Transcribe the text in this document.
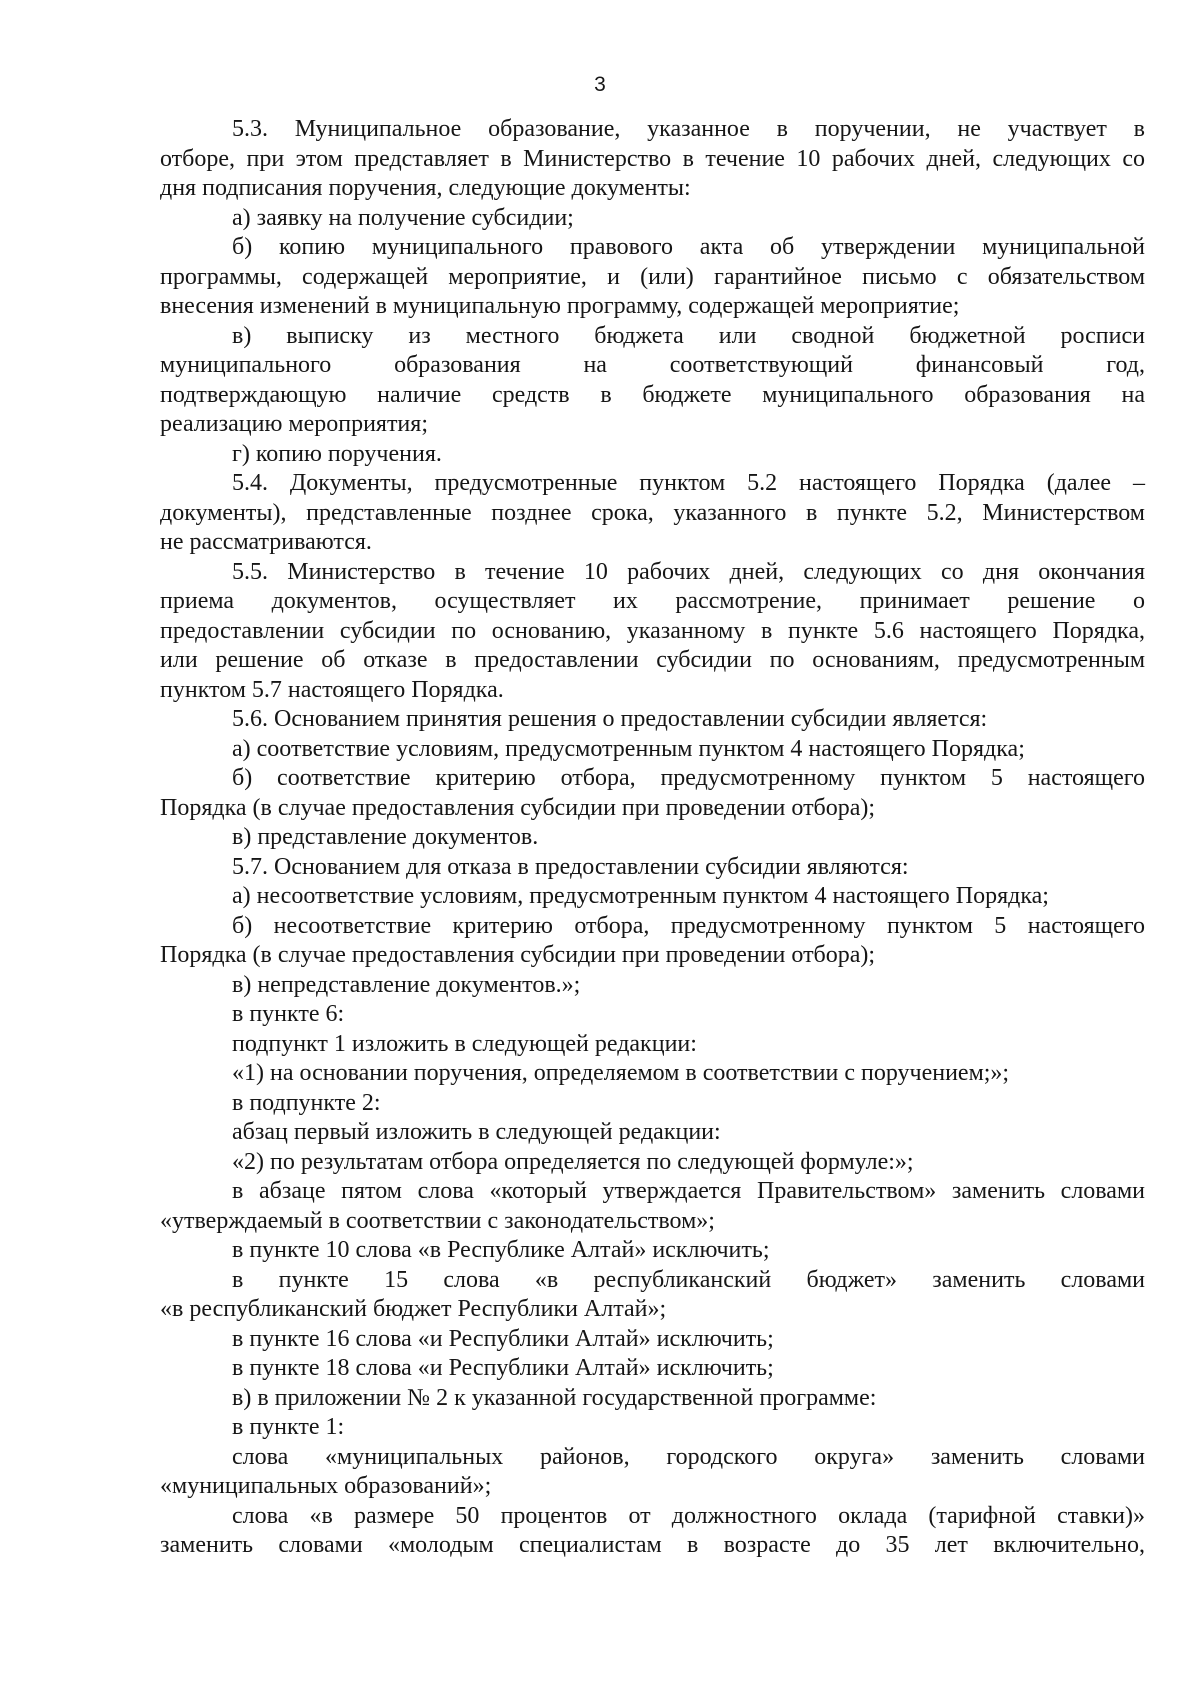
3
5.3. Муниципальное образование, указанное в поручении, не участвует в
отборе, при этом представляет в Министерство в течение 10 рабочих дней, следующих со
дня подписания поручения, следующие документы:
а) заявку на получение субсидии;
б) копию муниципального правового акта об утверждении муниципальной
программы, содержащей мероприятие, и (или) гарантийное письмо с обязательством
внесения изменений в муниципальную программу, содержащей мероприятие;
в) выписку из местного бюджета или сводной бюджетной росписи
муниципального образования на соответствующий финансовый год,
подтверждающую наличие средств в бюджете муниципального образования на
реализацию мероприятия;
г) копию поручения.
5.4. Документы, предусмотренные пунктом 5.2 настоящего Порядка (далее –
документы), представленные позднее срока, указанного в пункте 5.2, Министерством
не рассматриваются.
5.5. Министерство в течение 10 рабочих дней, следующих со дня окончания
приема документов, осуществляет их рассмотрение, принимает решение о
предоставлении субсидии по основанию, указанному в пункте 5.6 настоящего Порядка,
или решение об отказе в предоставлении субсидии по основаниям, предусмотренным
пунктом 5.7 настоящего Порядка.
5.6. Основанием принятия решения о предоставлении субсидии является:
а) соответствие условиям, предусмотренным пунктом 4 настоящего Порядка;
б) соответствие критерию отбора, предусмотренному пунктом 5 настоящего
Порядка (в случае предоставления субсидии при проведении отбора);
в) представление документов.
5.7. Основанием для отказа в предоставлении субсидии являются:
а) несоответствие условиям, предусмотренным пунктом 4 настоящего Порядка;
б) несоответствие критерию отбора, предусмотренному пунктом 5 настоящего
Порядка (в случае предоставления субсидии при проведении отбора);
в) непредставление документов.»;
в пункте 6:
подпункт 1 изложить в следующей редакции:
«1) на основании поручения, определяемом в соответствии с поручением;»;
в подпункте 2:
абзац первый изложить в следующей редакции:
«2) по результатам отбора определяется по следующей формуле:»;
в абзаце пятом слова «который утверждается Правительством» заменить словами
«утверждаемый в соответствии с законодательством»;
в пункте 10 слова «в Республике Алтай» исключить;
в пункте 15 слова «в республиканский бюджет» заменить словами
«в республиканский бюджет Республики Алтай»;
в пункте 16 слова «и Республики Алтай» исключить;
в пункте 18 слова «и Республики Алтай» исключить;
в) в приложении № 2 к указанной государственной программе:
в пункте 1:
слова «муниципальных районов, городского округа» заменить словами
«муниципальных образований»;
слова «в размере 50 процентов от должностного оклада (тарифной ставки)»
заменить словами «молодым специалистам в возрасте до 35 лет включительно,
